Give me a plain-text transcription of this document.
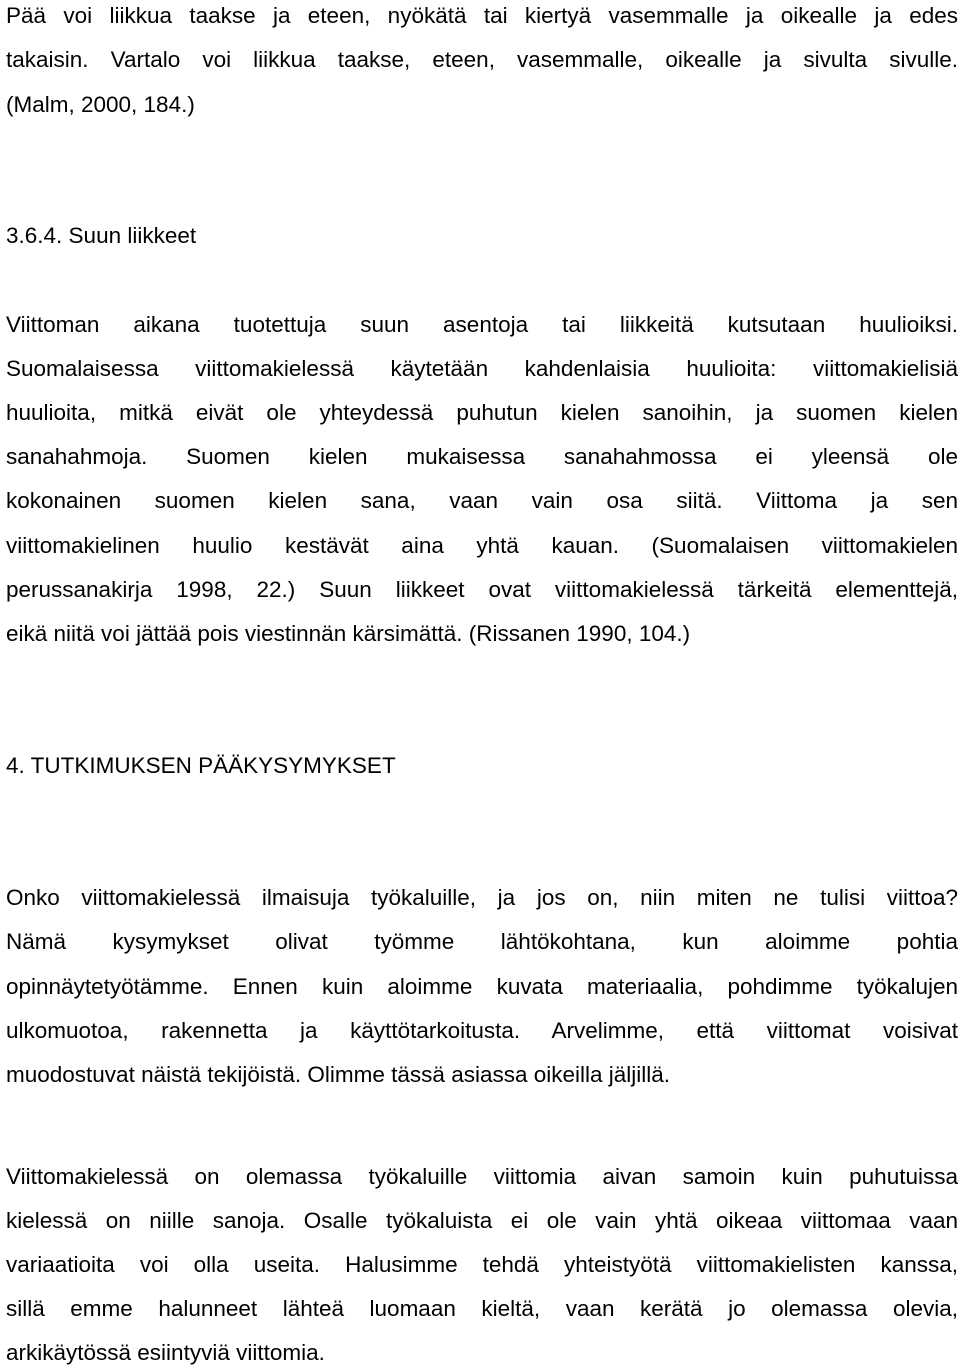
Pää voi liikkua taakse ja eteen, nyökätä tai kiertyä vasemmalle ja oikealle ja edes
takaisin. Vartalo voi liikkua taakse, eteen, vasemmalle, oikealle ja sivulta sivulle.
(Malm, 2000, 184.)
3.6.4. Suun liikkeet
Viittoman aikana tuotettuja suun asentoja tai liikkeitä kutsutaan huulioiksi.
Suomalaisessa viittomakielessä käytetään kahdenlaisia huulioita: viittomakielisiä
huulioita, mitkä eivät ole yhteydessä puhutun kielen sanoihin, ja suomen kielen
sanahahmoja. Suomen kielen mukaisessa sanahahmossa ei yleensä ole
kokonainen suomen kielen sana, vaan vain osa siitä. Viittoma ja sen
viittomakielinen huulio kestävät aina yhtä kauan. (Suomalaisen viittomakielen
perussanakirja 1998, 22.) Suun liikkeet ovat viittomakielessä tärkeitä elementtejä,
eikä niitä voi jättää pois viestinnän kärsimättä. (Rissanen 1990, 104.)
4. TUTKIMUKSEN PÄÄKYSYMYKSET
Onko viittomakielessä ilmaisuja työkaluille, ja jos on, niin miten ne tulisi viittoa?
Nämä kysymykset olivat työmme lähtökohtana, kun aloimme pohtia
opinnäytetyötämme. Ennen kuin aloimme kuvata materiaalia, pohdimme työkalujen
ulkomuotoa, rakennetta ja käyttötarkoitusta. Arvelimme, että viittomat voisivat
muodostuvat näistä tekijöistä. Olimme tässä asiassa oikeilla jäljillä.
Viittomakielessä on olemassa työkaluille viittomia aivan samoin kuin puhutuissa
kielessä on niille sanoja. Osalle työkaluista ei ole vain yhtä oikeaa viittomaa vaan
variaatioita voi olla useita. Halusimme tehdä yhteistyötä viittomakielisten kanssa,
sillä emme halunneet lähteä luomaan kieltä, vaan kerätä jo olemassa olevia,
arkikäytössä esiintyviä viittomia.
